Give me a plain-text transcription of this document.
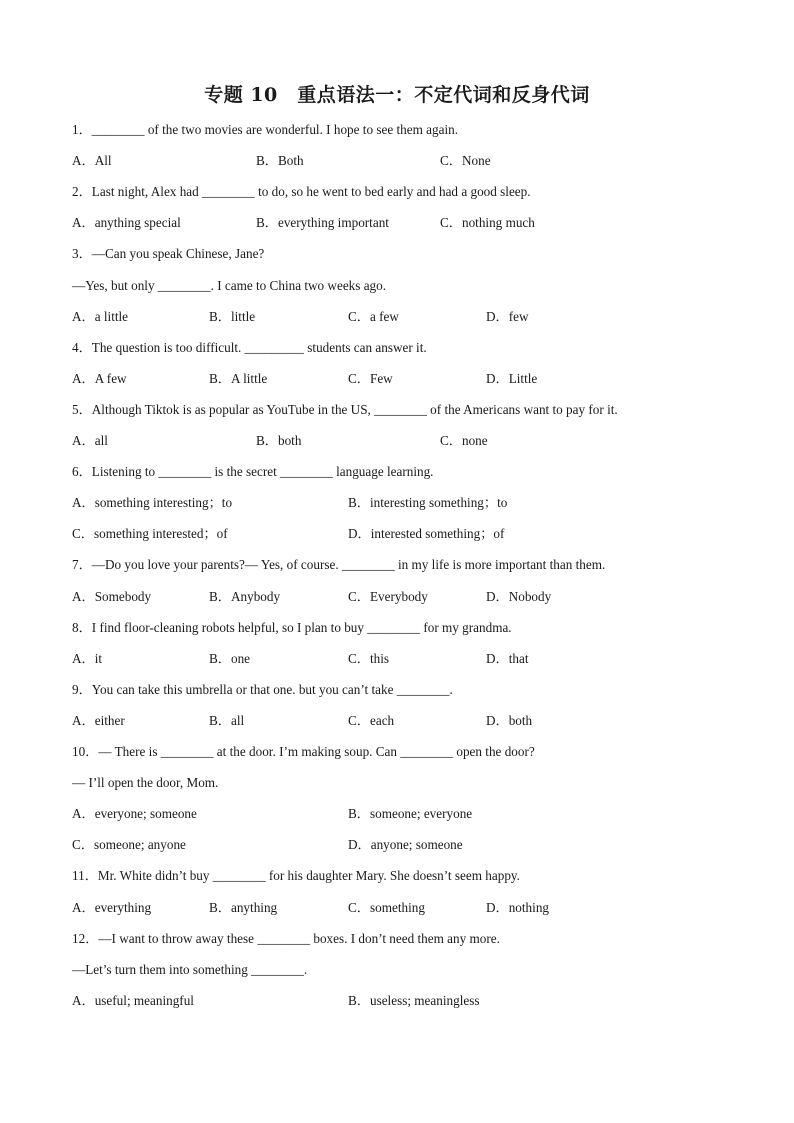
专题 10　重点语法一：不定代词和反身代词
1．________ of the two movies are wonderful. I hope to see them again.
A．All	B．Both	C．None
2．Last night, Alex had ________ to do, so he went to bed early and had a good sleep.
A．anything special	B．everything important	C．nothing much
3．—Can you speak Chinese, Jane?
—Yes, but only ________. I came to China two weeks ago.
A．a little	B．little	C．a few	D．few
4．The question is too difficult. _________ students can answer it.
A．A few	B．A little	C．Few	D．Little
5．Although Tiktok is as popular as YouTube in the US, ________ of the Americans want to pay for it.
A．all	B．both	C．none
6．Listening to ________ is the secret ________ language learning.
A．something interesting；to	B．interesting something；to
C．something interested；of	D．interested something；of
7．—Do you love your parents?— Yes, of course. ________ in my life is more important than them.
A．Somebody	B．Anybody	C．Everybody	D．Nobody
8．I find floor-cleaning robots helpful, so I plan to buy ________ for my grandma.
A．it	B．one	C．this	D．that
9．You can take this umbrella or that one. but you can’t take ________.
A．either	B．all	C．each	D．both
10．— There is ________ at the door. I’m making soup. Can ________ open the door?
— I’ll open the door, Mom.
A．everyone; someone	B．someone; everyone
C．someone; anyone	D．anyone; someone
11．Mr. White didn’t buy ________ for his daughter Mary. She doesn’t seem happy.
A．everything	B．anything	C．something	D．nothing
12．—I want to throw away these ________ boxes. I don’t need them any more.
—Let’s turn them into something ________.
A．useful; meaningful	B．useless; meaningless
